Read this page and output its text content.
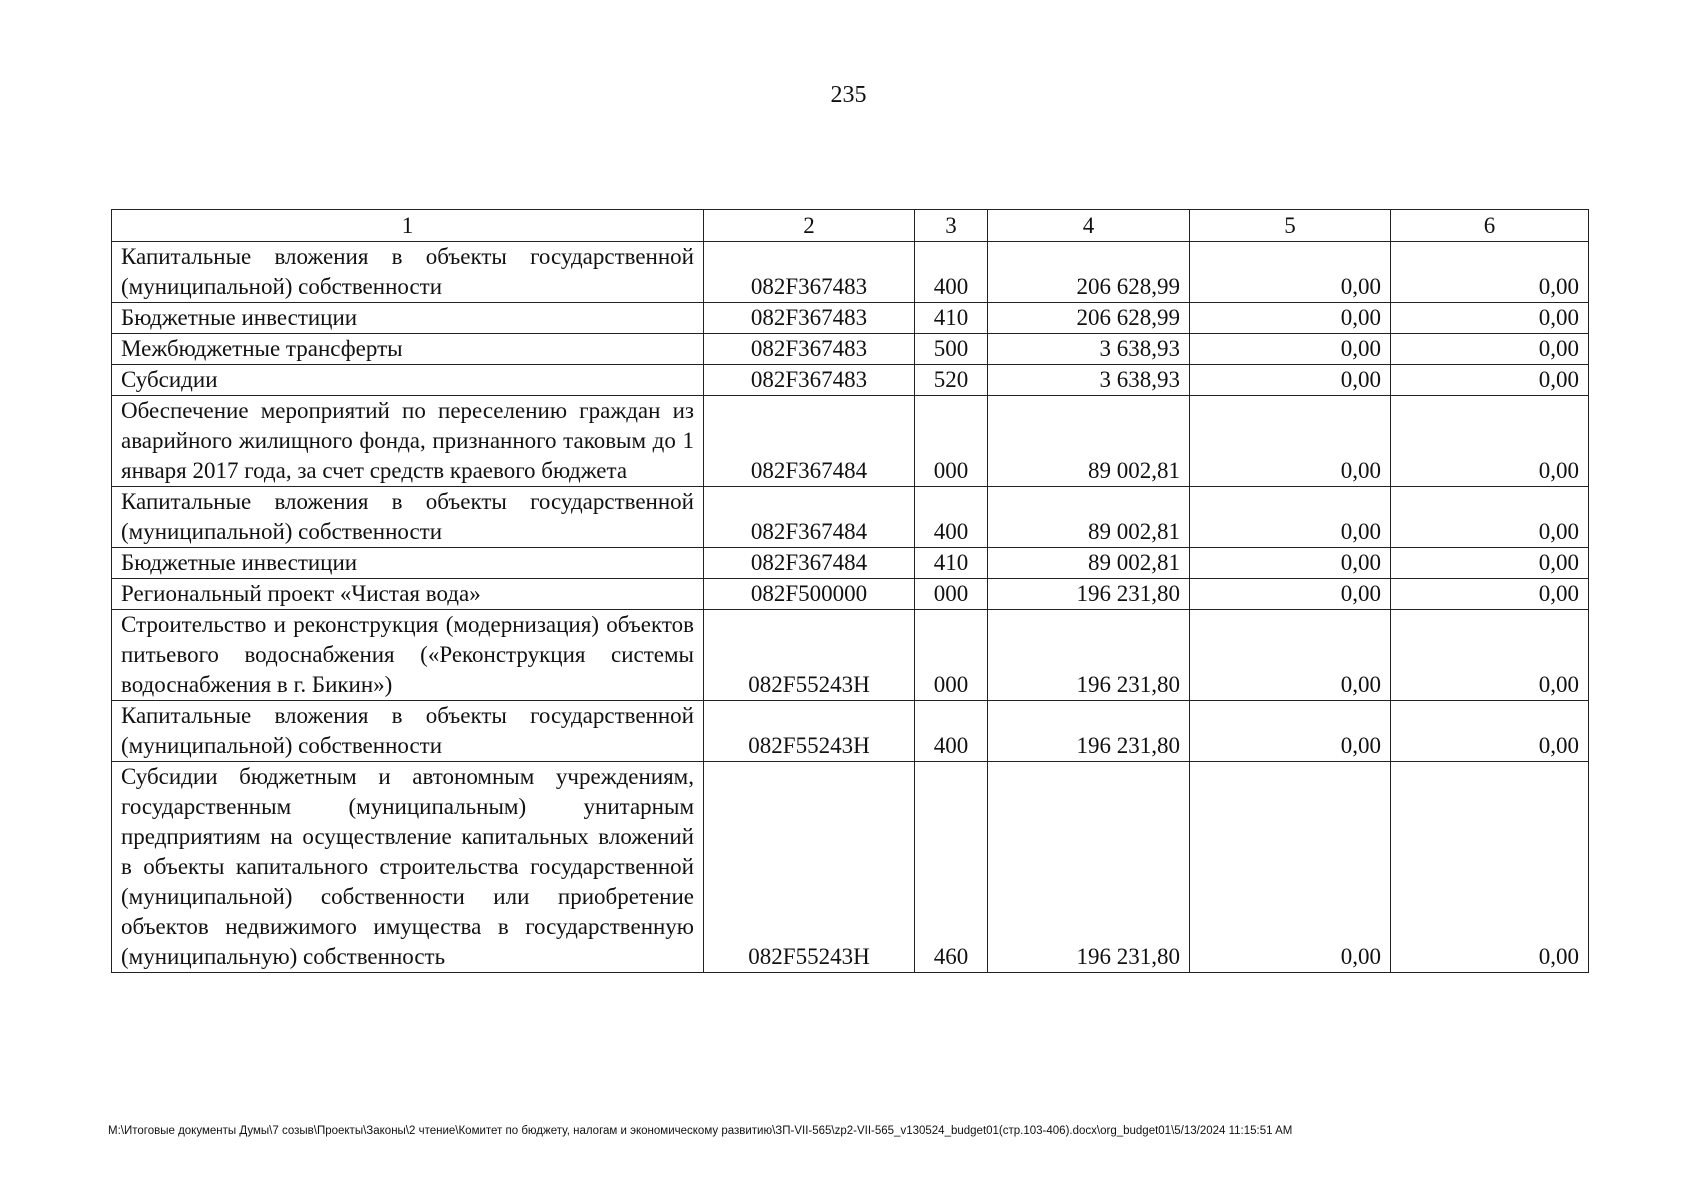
235
1	2	3	4	5	6

Капитальные вложения в объекты государственной (муниципальной) собственности	082F367483	400	206 628,99	0,00	0,00

Бюджетные инвестиции	082F367483	410	206 628,99	0,00	0,00

Межбюджетные трансферты	082F367483	500	3 638,93	0,00	0,00

Субсидии	082F367483	520	3 638,93	0,00	0,00

Обеспечение мероприятий по переселению граждан из аварийного жилищного фонда, признанного таковым до 1 января 2017 года, за счет средств краевого бюджета	082F367484	000	89 002,81	0,00	0,00

Капитальные вложения в объекты государственной (муниципальной) собственности	082F367484	400	89 002,81	0,00	0,00

Бюджетные инвестиции	082F367484	410	89 002,81	0,00	0,00

Региональный проект «Чистая вода»	082F500000	000	196 231,80	0,00	0,00

Строительство и реконструкция (модернизация) объектов питьевого водоснабжения («Реконструкция системы водоснабжения в г. Бикин»)	082F55243H	000	196 231,80	0,00	0,00

Капитальные вложения в объекты государственной (муниципальной) собственности	082F55243H	400	196 231,80	0,00	0,00

Субсидии бюджетным и автономным учреждениям, государственным (муниципальным) унитарным предприятиям на осуществление капитальных вложений в объекты капитального строительства государственной (муниципальной) собственности или приобретение объектов недвижимого имущества в государственную (муниципальную) собственность	082F55243H	460	196 231,80	0,00	0,00
M:\Итоговые документы Думы\7 созыв\Проекты\Законы\2 чтение\Комитет по бюджету, налогам и экономическому развитию\ЗП-VII-565\zp2-VII-565_v130524_budget01(стр.103-406).docx\org_budget01\5/13/2024 11:15:51 AM
